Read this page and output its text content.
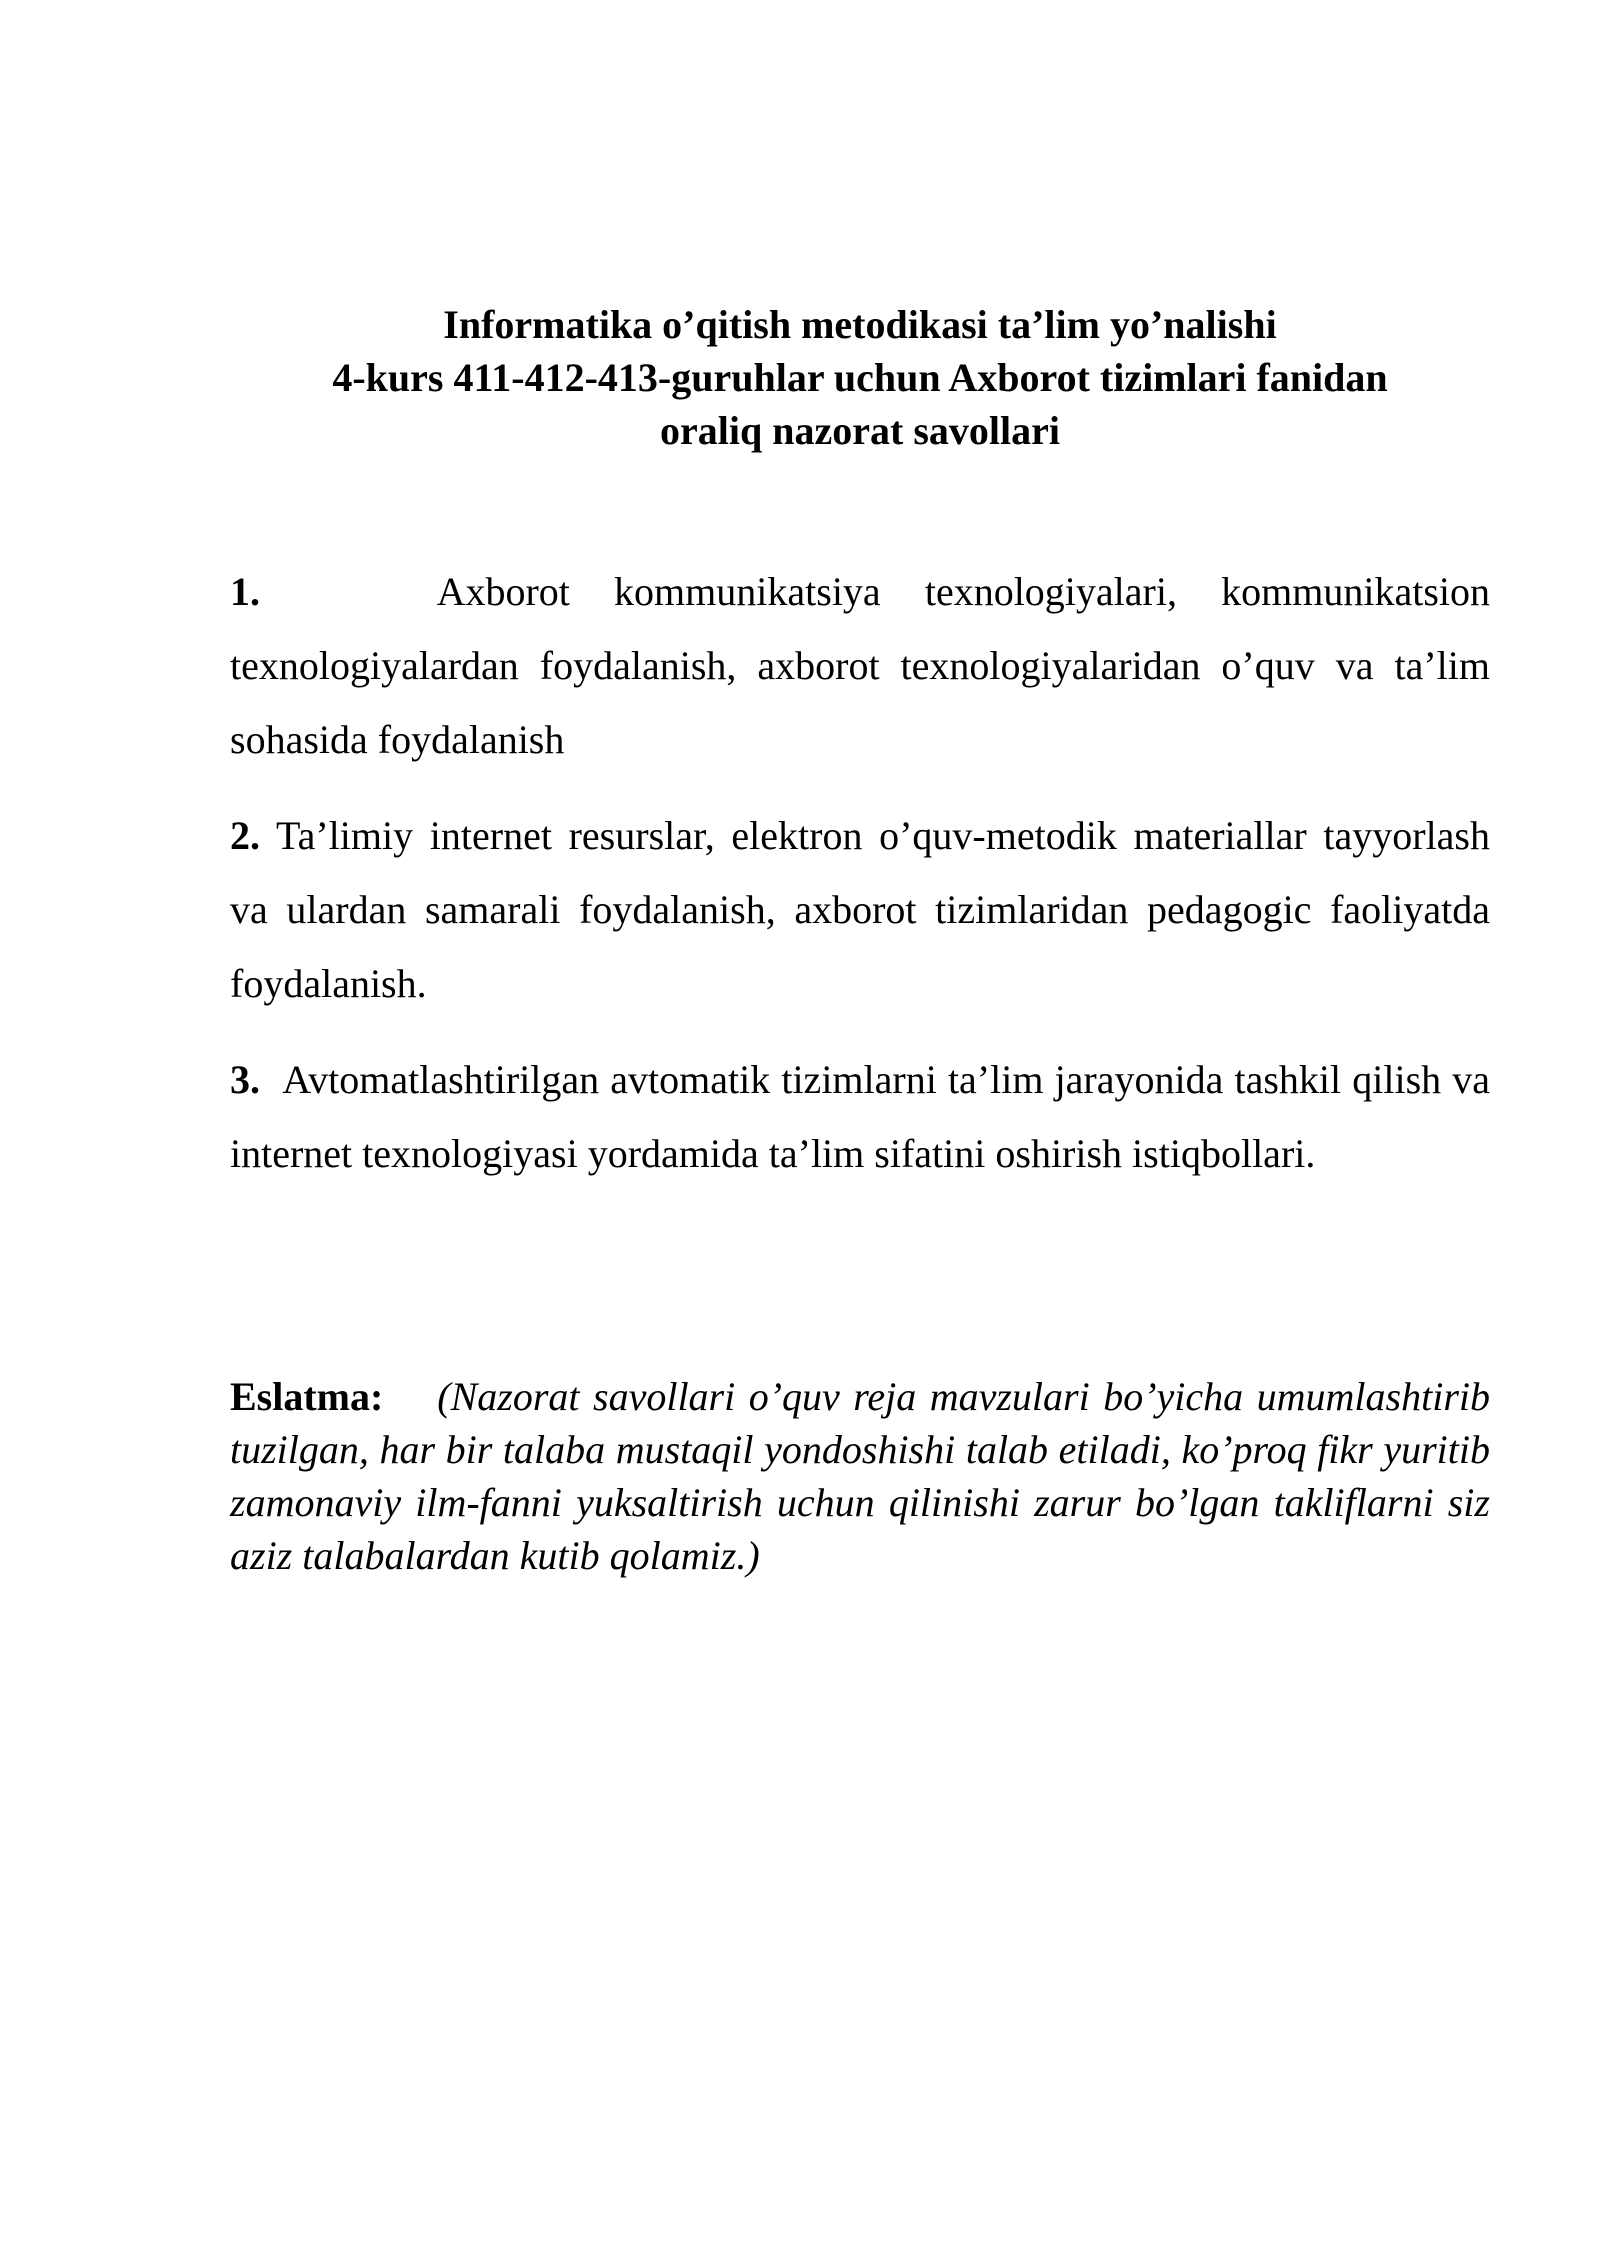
Informatika o’qitish metodikasi ta’lim yo’nalishi
4-kurs 411-412-413-guruhlar uchun Axborot tizimlari fanidan
oraliq nazorat savollari

1.	Axborot kommunikatsiya texnologiyalari, kommunikatsion texnologiyalardan foydalanish, axborot texnologiyalaridan o’quv va ta’lim sohasida foydalanish

2. Ta’limiy internet resurslar, elektron o’quv-metodik materiallar tayyorlash va ulardan samarali foydalanish, axborot tizimlaridan pedagogic faoliyatda foydalanish.

3. Avtomatlashtirilgan avtomatik tizimlarni ta’lim jarayonida tashkil qilish va internet texnologiyasi yordamida ta’lim sifatini oshirish istiqbollari.

Eslatma: (Nazorat savollari o’quv reja mavzulari bo’yicha umumlashtirib tuzilgan, har bir talaba mustaqil yondoshishi talab etiladi, ko’proq fikr yuritib zamonaviy ilm-fanni yuksaltirish uchun qilinishi zarur bo’lgan takliflarni siz aziz talabalardan kutib qolamiz.)
